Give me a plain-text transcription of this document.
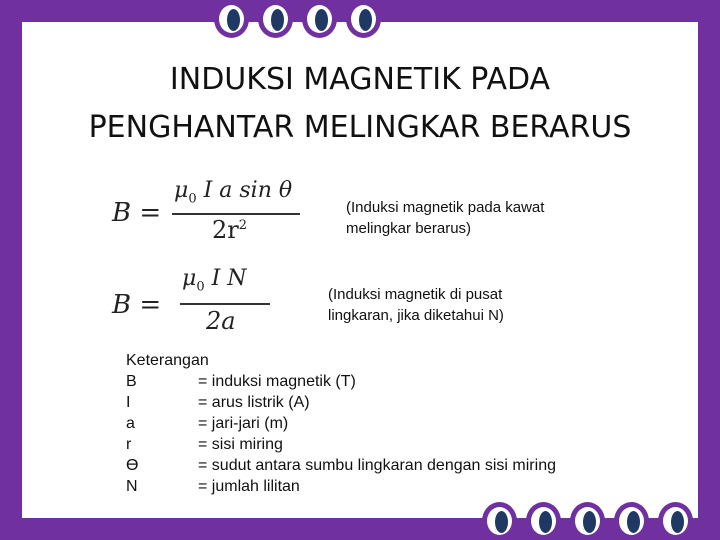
INDUKSI MAGNETIK PADA
PENGHANTAR MELINGKAR BERARUS
B =
$\mu_0$ I a sin θ
$2r^2$
(Induksi magnetik pada kawat
melingkar berarus)
B =
$\mu_0$ I N
2a
(Induksi magnetik di pusat
lingkaran, jika diketahui N)
Keterangan
B	= induksi magnetik (T)
I	= arus listrik (A)
a	= jari-jari (m)
r	= sisi miring
ϴ	= sudut antara sumbu lingkaran dengan sisi miring
N	= jumlah lilitan
